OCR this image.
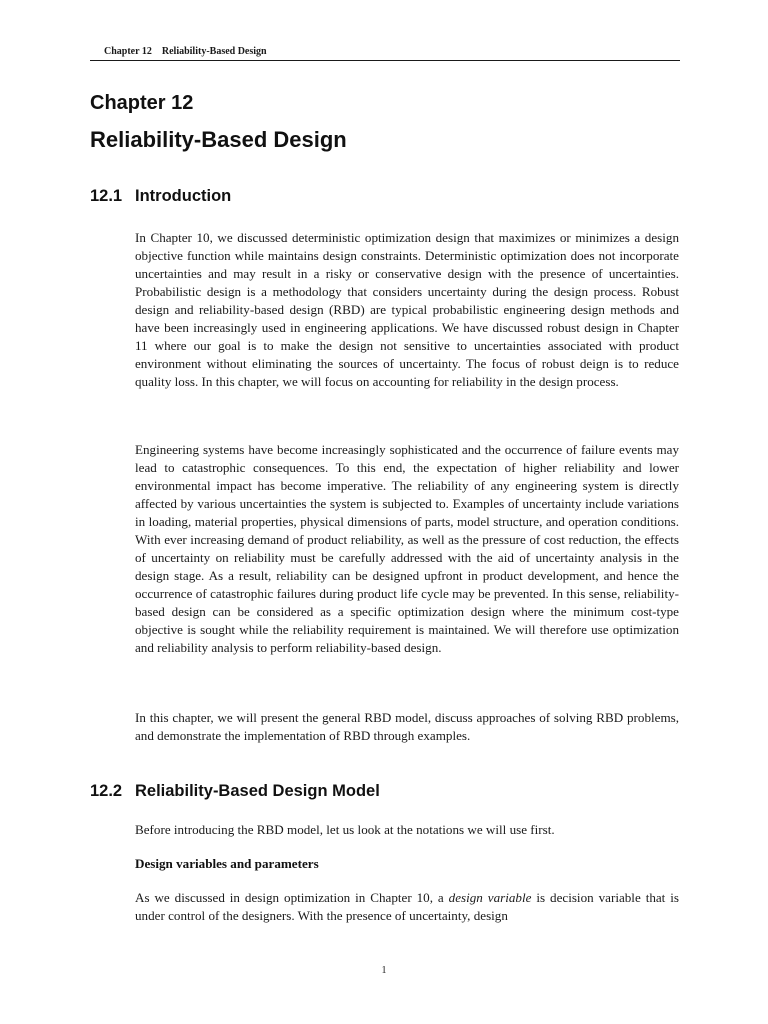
Chapter 12 Reliability-Based Design
Chapter 12
Reliability-Based Design
12.1 Introduction

In Chapter 10, we discussed deterministic optimization design that maximizes or minimizes a design objective function while maintains design constraints. Deterministic optimization does not incorporate uncertainties and may result in a risky or conservative design with the presence of uncertainties. Probabilistic design is a methodology that considers uncertainty during the design process. Robust design and reliability-based design (RBD) are typical probabilistic engineering design methods and have been increasingly used in engineering applications. We have discussed robust design in Chapter 11 where our goal is to make the design not sensitive to uncertainties associated with product environment without eliminating the sources of uncertainty. The focus of robust deign is to reduce quality loss. In this chapter, we will focus on accounting for reliability in the design process.

Engineering systems have become increasingly sophisticated and the occurrence of failure events may lead to catastrophic consequences. To this end, the expectation of higher reliability and lower environmental impact has become imperative. The reliability of any engineering system is directly affected by various uncertainties the system is subjected to. Examples of uncertainty include variations in loading, material properties, physical dimensions of parts, model structure, and operation conditions. With ever increasing demand of product reliability, as well as the pressure of cost reduction, the effects of uncertainty on reliability must be carefully addressed with the aid of uncertainty analysis in the design stage. As a result, reliability can be designed upfront in product development, and hence the occurrence of catastrophic failures during product life cycle may be prevented. In this sense, reliability-based design can be considered as a specific optimization design where the minimum cost-type objective is sought while the reliability requirement is maintained. We will therefore use optimization and reliability analysis to perform reliability-based design.

In this chapter, we will present the general RBD model, discuss approaches of solving RBD problems, and demonstrate the implementation of RBD through examples.

12.2 Reliability-Based Design Model

Before introducing the RBD model, let us look at the notations we will use first.

Design variables and parameters

As we discussed in design optimization in Chapter 10, a design variable is decision variable that is under control of the designers. With the presence of uncertainty, design

1
